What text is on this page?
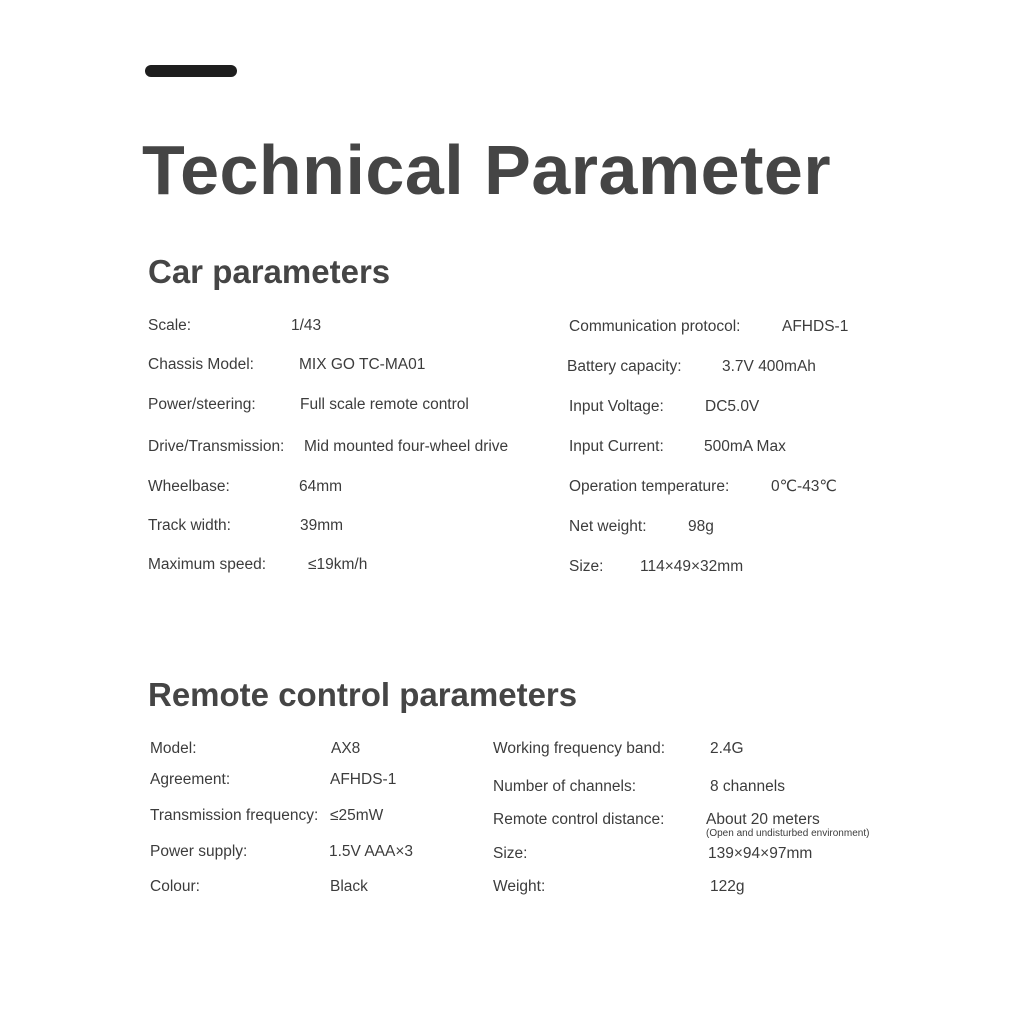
Technical Parameter
Car parameters
Scale:	1/43
Chassis Model:	MIX GO TC-MA01
Power/steering:	Full scale remote control
Drive/Transmission: Mid mounted four-wheel drive
Wheelbase:	64mm
Track width:	39mm
Maximum speed:	≤19km/h
Communication protocol:	AFHDS-1
Battery capacity:	3.7V 400mAh
Input Voltage:	DC5.0V
Input Current:	500mA Max
Operation temperature:	0℃-43℃
Net weight:	98g
Size: 114×49×32mm
Remote control parameters
Model:	AX8
Agreement:	AFHDS-1
Transmission frequency: ≤25mW
Power supply:	1.5V AAA×3
Colour:	Black
Working frequency band:	2.4G
Number of channels:	8 channels
Remote control distance:	About 20 meters
(Open and undisturbed environment)
Size:	139×94×97mm
Weight:	122g
